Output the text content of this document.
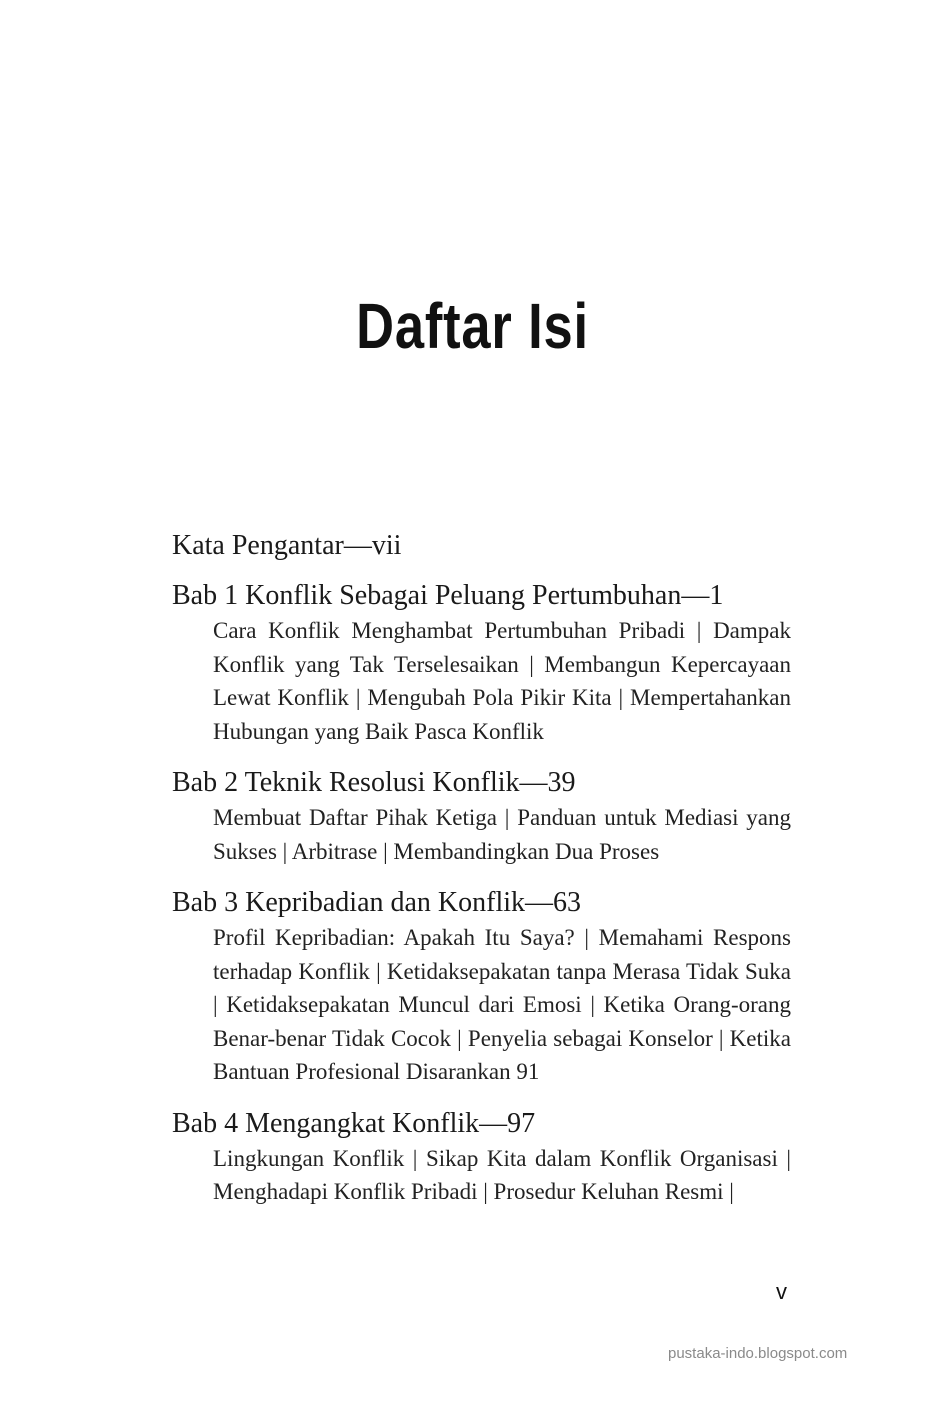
Daftar Isi
Kata Pengantar—vii
Bab 1 Konflik Sebagai Peluang Pertumbuhan—1
Cara Konflik Menghambat Pertumbuhan Pribadi | Dampak Konflik yang Tak Terselesaikan | Membangun Kepercayaan Lewat Konflik | Mengubah Pola Pikir Kita | Mempertahankan Hubungan yang Baik Pasca Konflik
Bab 2 Teknik Resolusi Konflik—39
Membuat Daftar Pihak Ketiga | Panduan untuk Mediasi yang Sukses | Arbitrase | Membandingkan Dua Proses
Bab 3 Kepribadian dan Konflik—63
Profil Kepribadian: Apakah Itu Saya? | Memahami Respons terhadap Konflik | Ketidaksepakatan tanpa Merasa Tidak Suka | Ketidaksepakatan Muncul dari Emosi | Ketika Orang-orang Benar-benar Tidak Cocok | Penyelia sebagai Konselor | Ketika Bantuan Profesional Disarankan 91
Bab 4 Mengangkat Konflik—97
Lingkungan Konflik | Sikap Kita dalam Konflik Organisasi | Menghadapi Konflik Pribadi | Prosedur Keluhan Resmi |
v
pustaka-indo.blogspot.com
